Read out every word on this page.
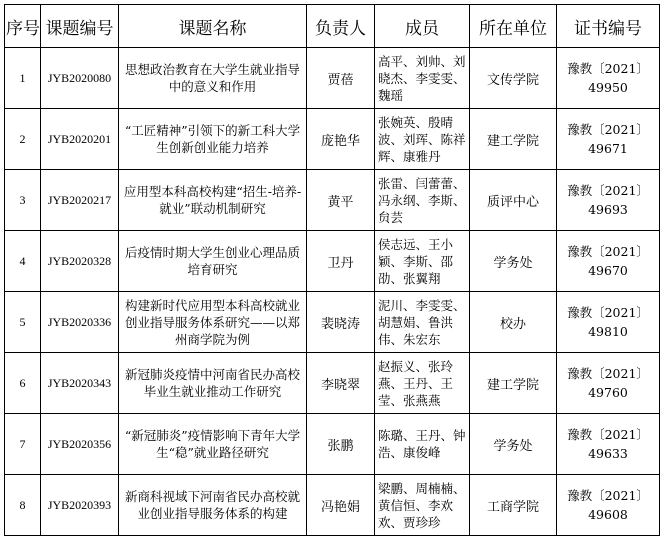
序号	课题编号	课题名称	负责人	成员	所在单位	证书编号
1	JYB2020080	思想政治教育在大学生就业指导中的意义和作用	贾蓓	高平、刘帅、刘晓杰、李雯雯、魏瑶	文传学院	豫教〔2021〕
49950

2	JYB2020201	“工匠精神”引领下的新工科大学生创新创业能力培养	庞艳华	张婉英、殷晴波、刘珲、陈祥辉、康雅丹	建工学院	豫教〔2021〕
49671

3	JYB2020217	应用型本科高校构建“招生-培养-就业”联动机制研究	黄平	张雷、闫蕾蕾、冯永纲、李斯、贠芸	质评中心	豫教〔2021〕
49693

4	JYB2020328	后疫情时期大学生创业心理品质培育研究	卫丹	侯志远、王小颖、李斯、邵劭、张翼翔	学务处	豫教〔2021〕
49670

5	JYB2020336	构建新时代应用型本科高校就业创业指导服务体系研究——以郑州商学院为例	裴晓涛	泥川、李雯雯、胡慧娟、鲁洪伟、朱宏东	校办	豫教〔2021〕
49810

6	JYB2020343	新冠肺炎疫情中河南省民办高校毕业生就业推动工作研究	李晓翠	赵振义、张玲燕、王丹、王莹、张燕燕	建工学院	豫教〔2021〕
49760

7	JYB2020356	“新冠肺炎”疫情影响下青年大学生“稳”就业路径研究	张鹏	陈璐、王丹、钟浩、康俊峰	学务处	豫教〔2021〕
49633

8	JYB2020393	新商科视域下河南省民办高校就业创业指导服务体系的构建	冯艳娟	梁鹏、周楠楠、黄信恒、李欢欢、贾珍珍	工商学院	豫教〔2021〕
49608
